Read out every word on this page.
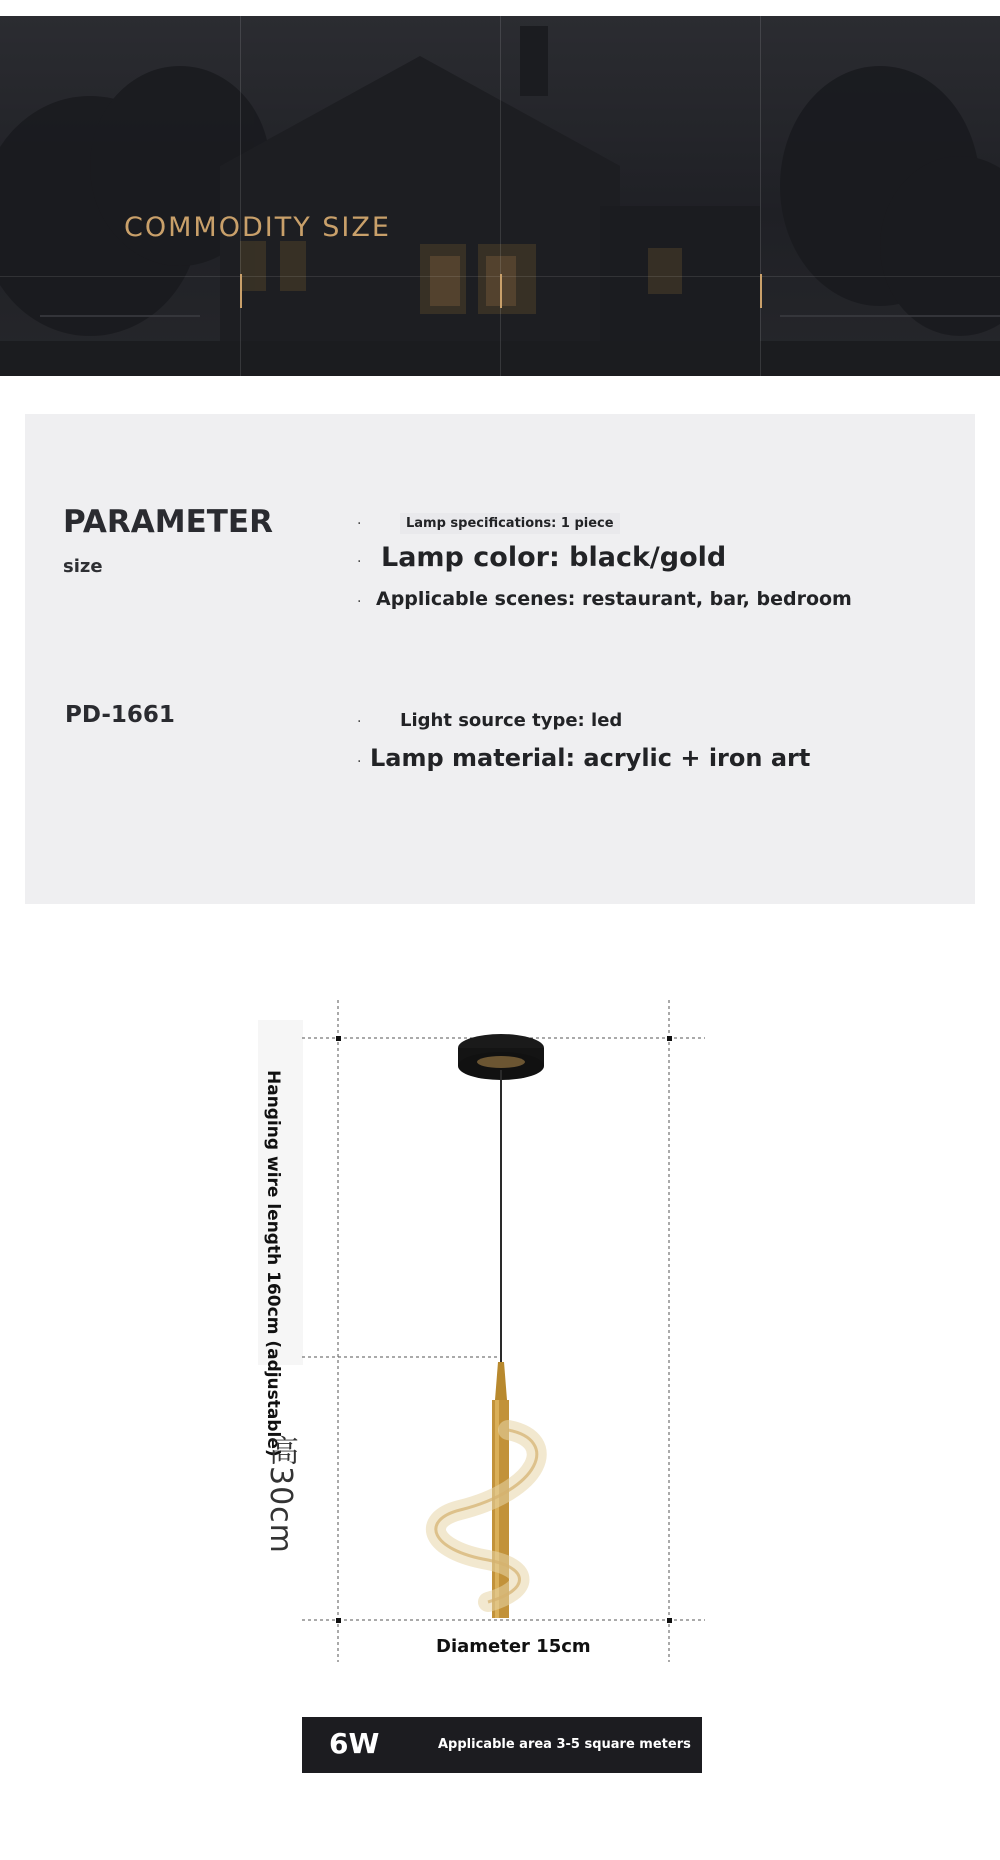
COMMODITY SIZE
PARAMETER
size
PD-1661
·	Lamp specifications: 1 piece
· Lamp color: black/gold
· Applicable scenes: restaurant, bar, bedroom
· Light source type: led
· Lamp material: acrylic + iron art
Hanging wire length 160cm (adjustable)
高30cm
Diameter 15cm
6W	Applicable area 3-5 square meters
